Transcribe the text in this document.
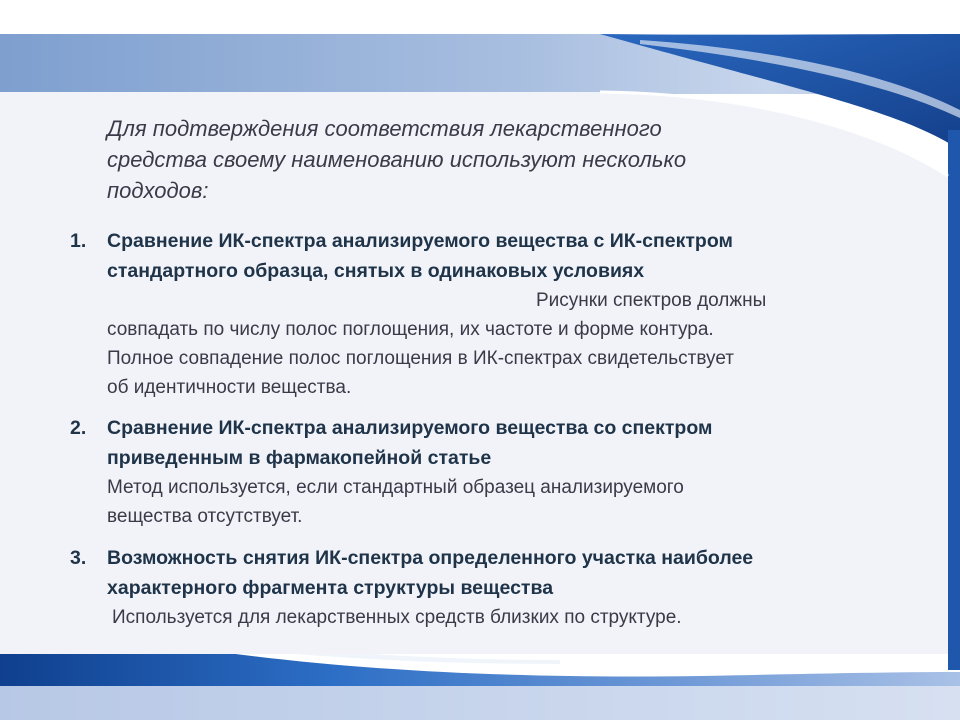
Для подтверждения соответствия лекарственного
средства своему наименованию используют несколько
подходов:
1. Сравнение ИК-спектра анализируемого вещества с ИК-спектром
стандартного образца, снятых в одинаковых условиях
Рисунки спектров должны
совпадать по числу полос поглощения, их частоте и форме контура.
Полное совпадение полос поглощения в ИК-спектрах свидетельствует
об идентичности вещества.
2. Сравнение ИК-спектра анализируемого вещества со спектром
приведенным в фармакопейной статье
Метод используется, если стандартный образец анализируемого
вещества отсутствует.
3. Возможность снятия ИК-спектра определенного участка наиболее
характерного фрагмента структуры вещества
Используется для лекарственных средств близких по структуре.
